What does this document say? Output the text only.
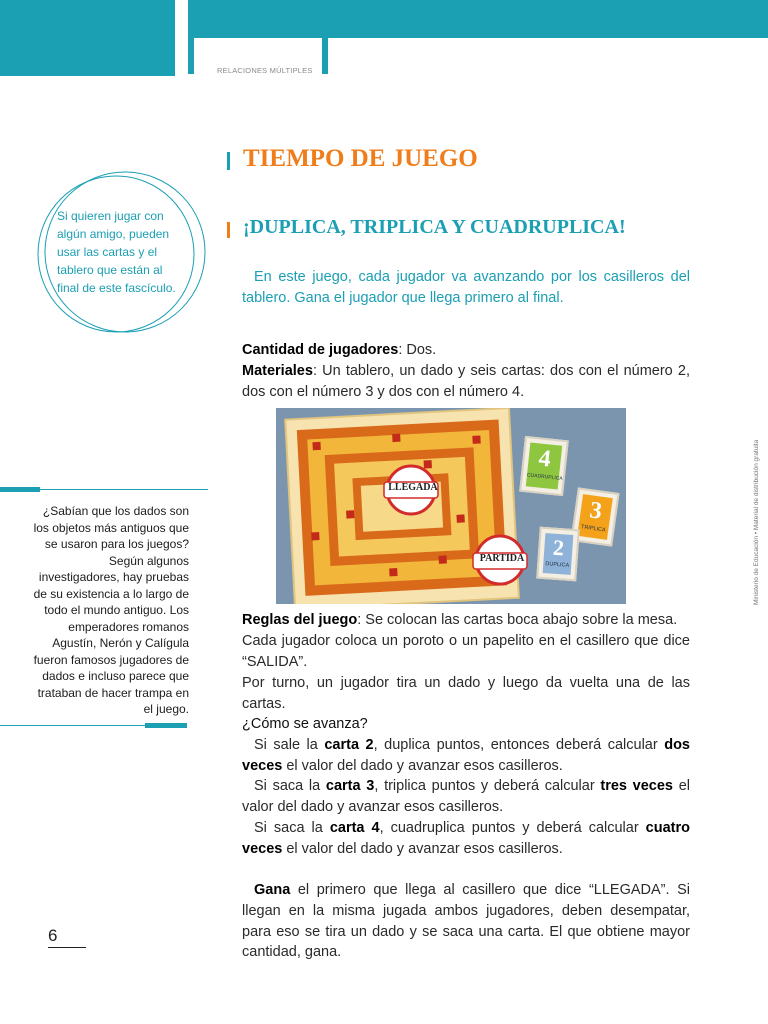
RELACIONES MÚLTIPLES
Ministerio de Educación • Material de distribución gratuita
TIEMPO DE JUEGO
¡DUPLICA, TRIPLICA Y CUADRUPLICA!
Si quieren jugar con algún amigo, pueden usar las cartas y el tablero que están al final de este fascículo.

¿Sabían que los dados son los objetos más antiguos que se usaron para los juegos? Según algunos investigadores, hay pruebas de su existencia a lo largo de todo el mundo antiguo. Los emperadores romanos Agustín, Nerón y Calígula fueron famosos jugadores de dados e incluso parece que trataban de hacer trampa en el juego.

En este juego, cada jugador va avanzando por los casilleros del tablero. Gana el jugador que llega primero al final.

Cantidad de jugadores: Dos.

Materiales: Un tablero, un dado y seis cartas: dos con el número 2, dos con el número 3 y dos con el número 4.

LLEGADA
PARTIDA
4
CUADRUPLICA
3
TRIPLICA
2
DUPLICA

Reglas del juego: Se colocan las cartas boca abajo sobre la mesa.

Cada jugador coloca un poroto o un papelito en el casillero que dice “SALIDA”.

Por turno, un jugador tira un dado y luego da vuelta una de las cartas.

¿Cómo se avanza?

Si sale la carta 2, duplica puntos, entonces deberá calcular dos veces el valor del dado y avanzar esos casilleros.

Si saca la carta 3, triplica puntos y deberá calcular tres veces el valor del dado y avanzar esos casilleros.

Si saca la carta 4, cuadruplica puntos y deberá calcular cuatro veces el valor del dado y avanzar esos casilleros.

Gana el primero que llega al casillero que dice “LLEGADA”. Si llegan en la misma jugada ambos jugadores, deben desempatar, para eso se tira un dado y se saca una carta. El que obtiene mayor cantidad, gana.

6
